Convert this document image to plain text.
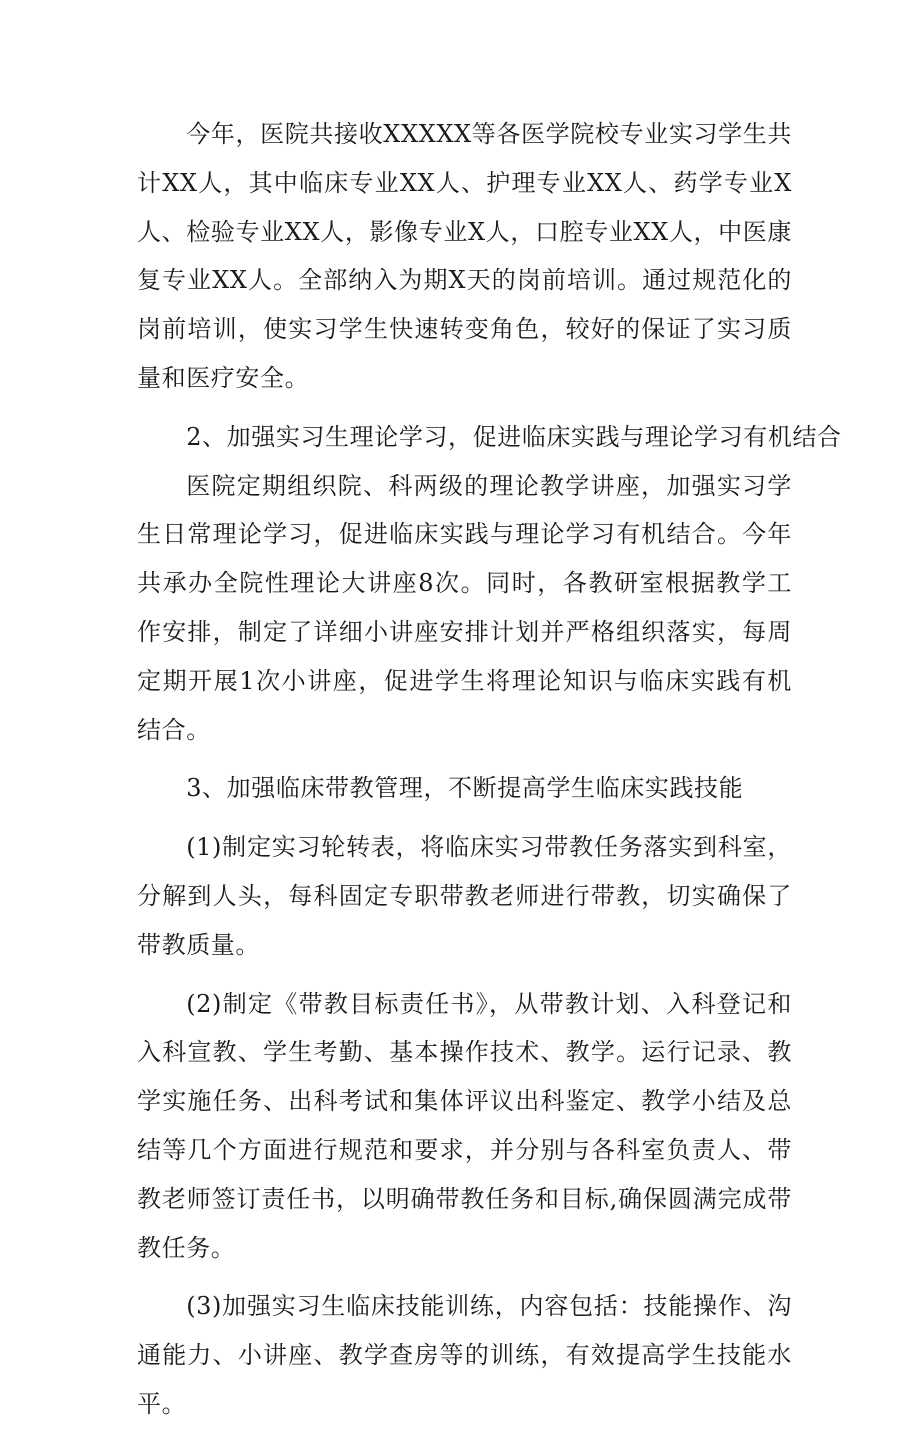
今年，医院共接收XXXXX等各医学院校专业实习学生共计XX人，其中临床专业XX人、护理专业XX人、药学专业X人、检验专业XX人，影像专业X人，口腔专业XX人，中医康复专业XX人。全部纳入为期X天的岗前培训。通过规范化的岗前培训，使实习学生快速转变角色，较好的保证了实习质量和医疗安全。

2、加强实习生理论学习，促进临床实践与理论学习有机结合

医院定期组织院、科两级的理论教学讲座，加强实习学生日常理论学习，促进临床实践与理论学习有机结合。今年共承办全院性理论大讲座8次。同时，各教研室根据教学工作安排，制定了详细小讲座安排计划并严格组织落实，每周定期开展1次小讲座，促进学生将理论知识与临床实践有机结合。

3、加强临床带教管理，不断提高学生临床实践技能

(1)制定实习轮转表，将临床实习带教任务落实到科室，分解到人头，每科固定专职带教老师进行带教，切实确保了带教质量。

(2)制定《带教目标责任书》，从带教计划、入科登记和入科宣教、学生考勤、基本操作技术、教学。运行记录、教学实施任务、出科考试和集体评议出科鉴定、教学小结及总结等几个方面进行规范和要求，并分别与各科室负责人、带教老师签订责任书，以明确带教任务和目标,确保圆满完成带教任务。

(3)加强实习生临床技能训练，内容包括：技能操作、沟通能力、小讲座、教学查房等的训练，有效提高学生技能水平。
